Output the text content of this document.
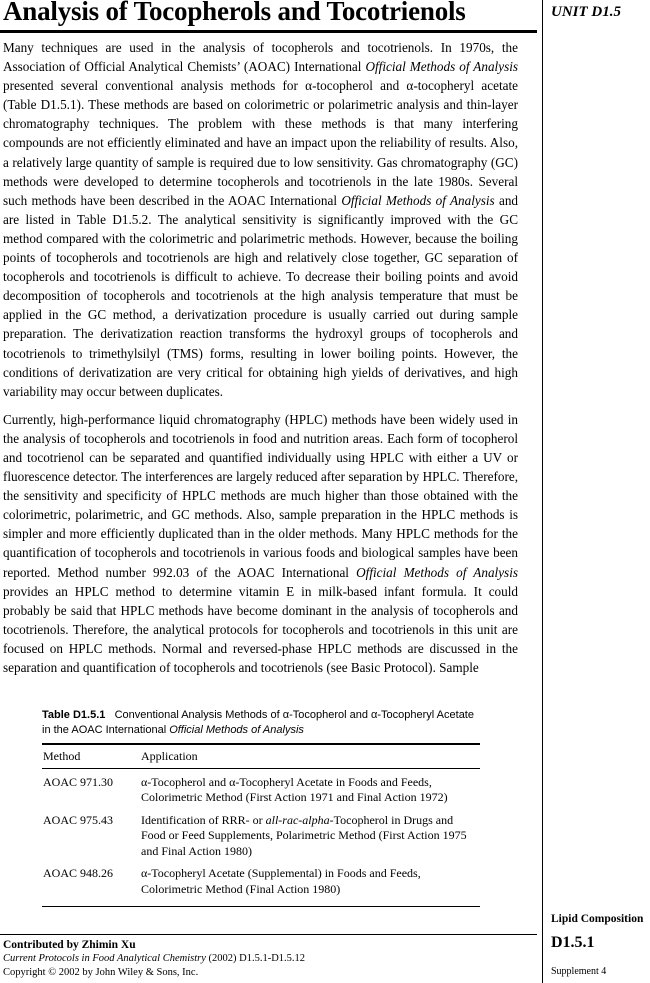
Analysis of Tocopherols and Tocotrienols	UNIT D1.5

Many techniques are used in the analysis of tocopherols and tocotrienols. In 1970s, the Association of Official Analytical Chemists’ (AOAC) International Official Methods of Analysis presented several conventional analysis methods for α-tocopherol and α-tocopheryl acetate (Table D1.5.1). These methods are based on colorimetric or polarimetric analysis and thin-layer chromatography techniques. The problem with these methods is that many interfering compounds are not efficiently eliminated and have an impact upon the reliability of results. Also, a relatively large quantity of sample is required due to low sensitivity. Gas chromatography (GC) methods were developed to determine tocopherols and tocotrienols in the late 1980s. Several such methods have been described in the AOAC International Official Methods of Analysis and are listed in Table D1.5.2. The analytical sensitivity is significantly improved with the GC method compared with the colorimetric and polarimetric methods. However, because the boiling points of tocopherols and tocotrienols are high and relatively close together, GC separation of tocopherols and tocotrienols is difficult to achieve. To decrease their boiling points and avoid decomposition of tocopherols and tocotrienols at the high analysis temperature that must be applied in the GC method, a derivatization procedure is usually carried out during sample preparation. The derivatization reaction transforms the hydroxyl groups of tocopherols and tocotrienols to trimethylsilyl (TMS) forms, resulting in lower boiling points. However, the conditions of derivatization are very critical for obtaining high yields of derivatives, and high variability may occur between duplicates.

Currently, high-performance liquid chromatography (HPLC) methods have been widely used in the analysis of tocopherols and tocotrienols in food and nutrition areas. Each form of tocopherol and tocotrienol can be separated and quantified individually using HPLC with either a UV or fluorescence detector. The interferences are largely reduced after separation by HPLC. Therefore, the sensitivity and specificity of HPLC methods are much higher than those obtained with the colorimetric, polarimetric, and GC methods. Also, sample preparation in the HPLC methods is simpler and more efficiently duplicated than in the older methods. Many HPLC methods for the quantification of tocopherols and tocotrienols in various foods and biological samples have been reported. Method number 992.03 of the AOAC International Official Methods of Analysis provides an HPLC method to determine vitamin E in milk-based infant formula. It could probably be said that HPLC methods have become dominant in the analysis of tocopherols and tocotrienols. Therefore, the analytical protocols for tocopherols and tocotrienols in this unit are focused on HPLC methods. Normal and reversed-phase HPLC methods are discussed in the separation and quantification of tocopherols and tocotrienols (see Basic Protocol). Sample

Table D1.5.1 Conventional Analysis Methods of α-Tocopherol and α-Tocopheryl Acetate in the AOAC International Official Methods of Analysis
Method	Application
AOAC 971.30	α-Tocopherol and α-Tocopheryl Acetate in Foods and Feeds, Colorimetric Method (First Action 1971 and Final Action 1972)
AOAC 975.43	Identification of RRR- or all-rac-alpha-Tocopherol in Drugs and Food or Feed Supplements, Polarimetric Method (First Action 1975 and Final Action 1980)
AOAC 948.26	α-Tocopheryl Acetate (Supplemental) in Foods and Feeds, Colorimetric Method (Final Action 1980)
Contributed by Zhimin Xu
Current Protocols in Food Analytical Chemistry (2002) D1.5.1-D1.5.12
Copyright © 2002 by John Wiley & Sons, Inc.
Lipid Composition
D1.5.1
Supplement 4
